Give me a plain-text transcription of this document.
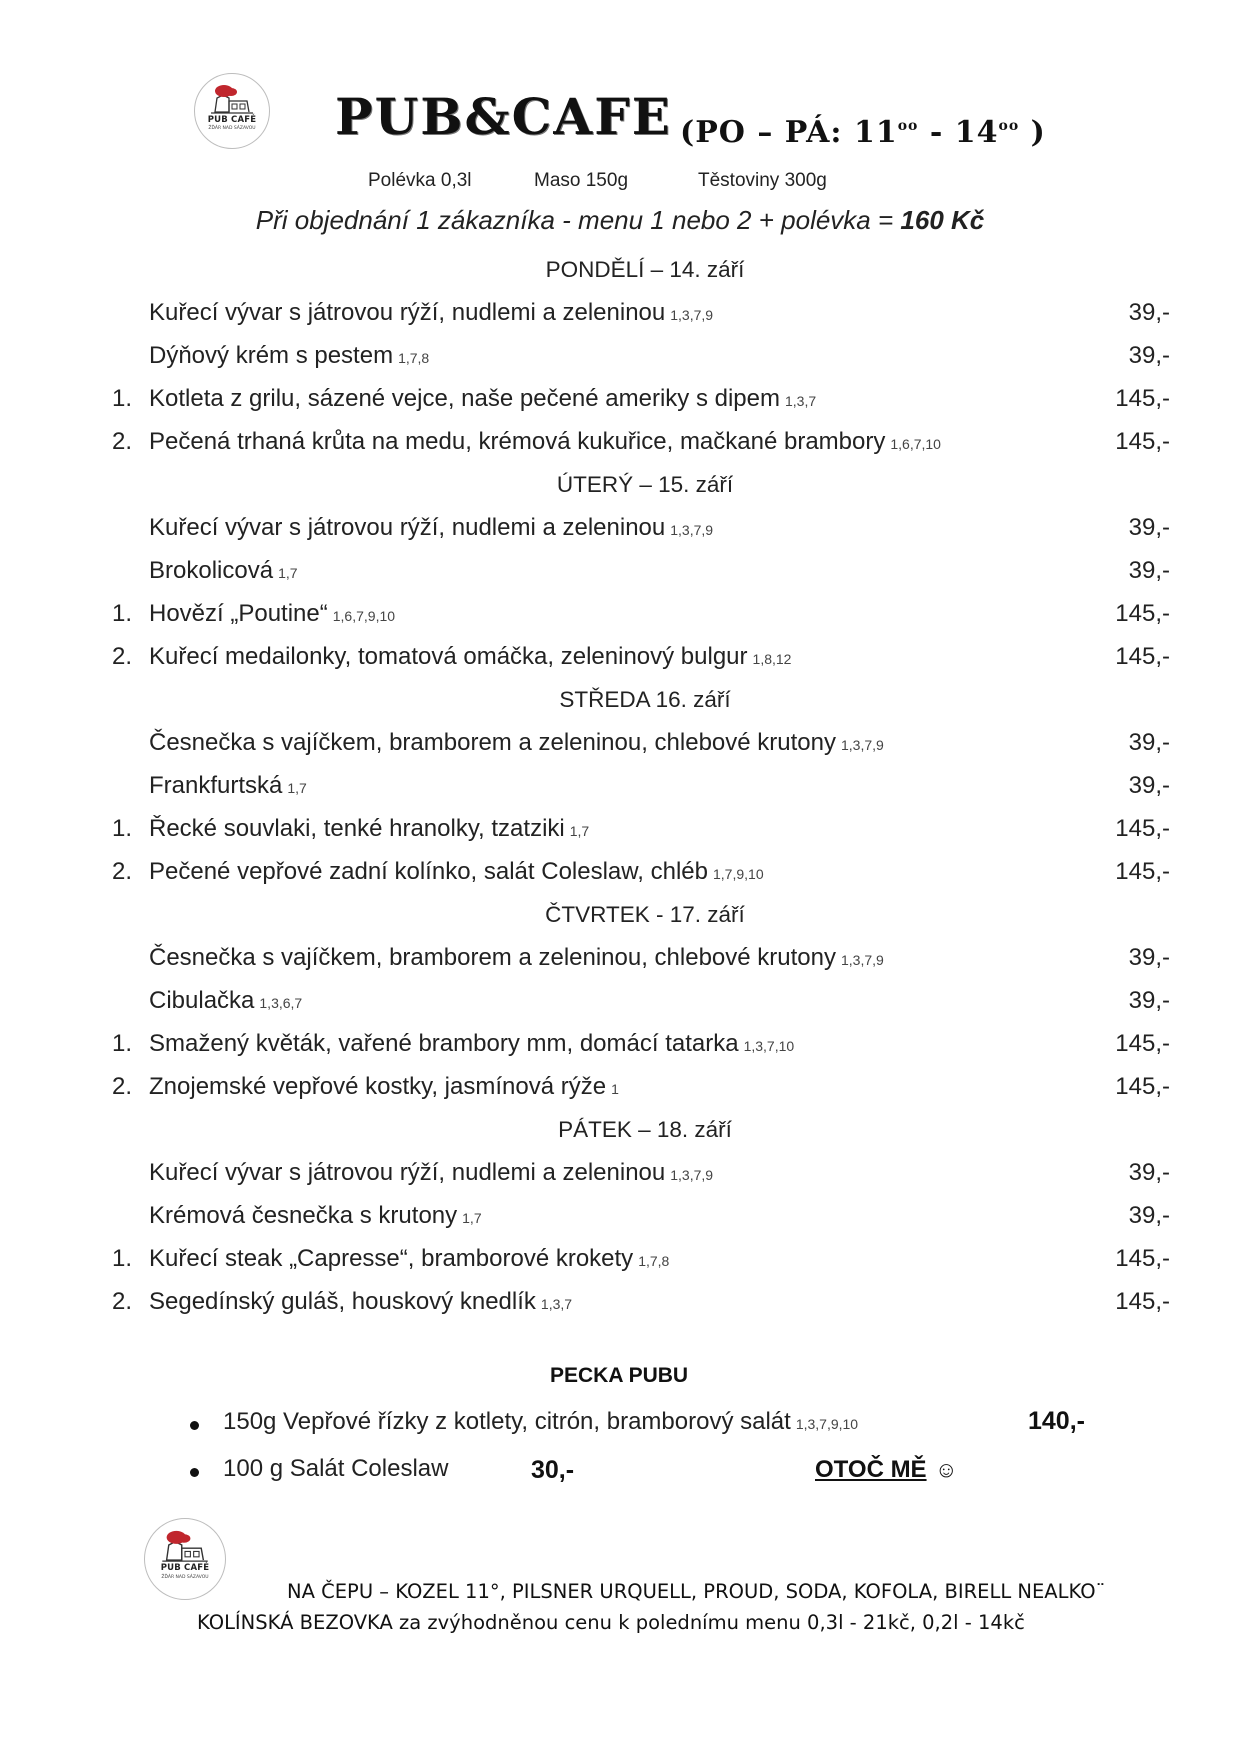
PUB CAFÉ
ŽĎÁR NAD SÁZAVOU PUB&CAFE (PO – PÁ: $11^{oo} - 14^{oo}$ )
Polévka 0,3l	Maso 150g	Těstoviny 300g
Při objednání 1 zákazníka - menu 1 nebo 2 + polévka = 160 Kč
PONDĚLÍ – 14. září
Kuřecí vývar s játrovou rýží, nudlemi a zeleninou 1,3,7,9	39,-
Dýňový krém s pestem 1,7,8	39,-
1. Kotleta z grilu, sázené vejce, naše pečené ameriky s dipem 1,3,7	145,-
2. Pečená trhaná krůta na medu, krémová kukuřice, mačkané brambory 1,6,7,10	145,-
ÚTERÝ – 15. září
Kuřecí vývar s játrovou rýží, nudlemi a zeleninou 1,3,7,9	39,-
Brokolicová 1,7	39,-
1. Hovězí „Poutine“ 1,6,7,9,10	145,-
2. Kuřecí medailonky, tomatová omáčka, zeleninový bulgur 1,8,12	145,-
STŘEDA 16. září
Česnečka s vajíčkem, bramborem a zeleninou, chlebové krutony 1,3,7,9	39,-
Frankfurtská 1,7	39,-
1. Řecké souvlaki, tenké hranolky, tzatziki 1,7	145,-
2. Pečené vepřové zadní kolínko, salát Coleslaw, chléb 1,7,9,10	145,-
ČTVRTEK - 17. září
Česnečka s vajíčkem, bramborem a zeleninou, chlebové krutony 1,3,7,9	39,-
Cibulačka 1,3,6,7	39,-
1. Smažený květák, vařené brambory mm, domácí tatarka 1,3,7,10	145,-
2. Znojemské vepřové kostky, jasmínová rýže 1	145,-
PÁTEK – 18. září
Kuřecí vývar s játrovou rýží, nudlemi a zeleninou 1,3,7,9	39,-
Krémová česnečka s krutony 1,7	39,-
1. Kuřecí steak „Capresse“, bramborové krokety 1,7,8	145,-
2. Segedínský guláš, houskový knedlík 1,3,7	145,-
PECKA PUBU
150g Vepřové řízky z kotlety, citrón, bramborový salát 1,3,7,9,10	140,-
100 g Salát Coleslaw	30,-	OTOČ MĚ ☺
PUB CAFÉ
ŽĎÁR NAD SÁZAVOU
NA ČEPU – KOZEL 11°, PILSNER URQUELL, PROUD, SODA, KOFOLA, BIRELL NEALKO¨
KOLÍNSKÁ BEZOVKA za zvýhodněnou cenu k polednímu menu 0,3l - 21kč, 0,2l - 14kč
